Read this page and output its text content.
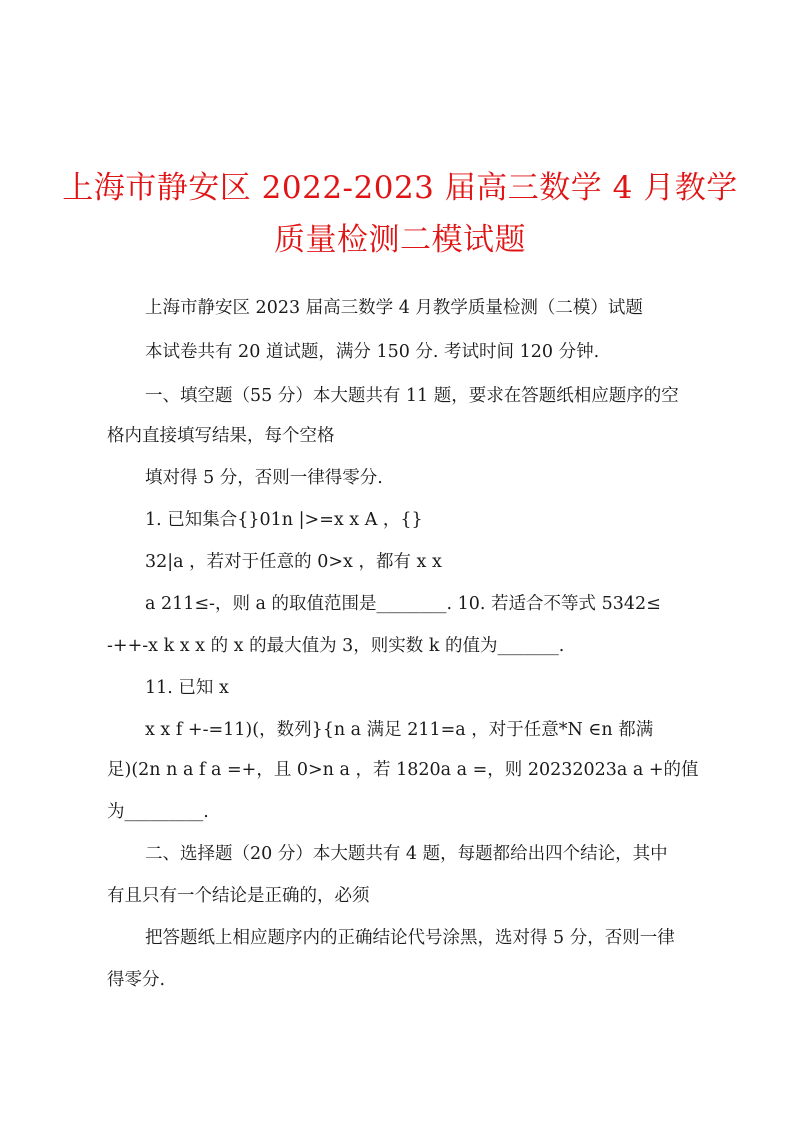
上海市静安区 2022-2023 届高三数学 4 月教学
质量检测二模试题
上海市静安区 2023 届高三数学 4 月教学质量检测（二模）试题
本试卷共有 20 道试题，满分 150 分. 考试时间 120 分钟.
一、填空题（55 分）本大题共有 11 题，要求在答题纸相应题序的空
格内直接填写结果，每个空格
填对得 5 分，否则一律得零分.
1. 已知集合{}01n |>=x x A ，{}
32|a ，若对于任意的 0>x ，都有 x x
a 211≤-，则 a 的取值范围是________. 10. 若适合不等式 5342≤
-++-x k x x 的 x 的最大值为 3，则实数 k 的值为_______.
11. 已知 x
x x f +-=11)(，数列}{n a 满足 211=a ，对于任意*N ∈n 都满
足)(2n n a f a =+，且 0>n a ，若 1820a a =，则 20232023a a +的值
为_________.
二、选择题（20 分）本大题共有 4 题，每题都给出四个结论，其中
有且只有一个结论是正确的，必须
把答题纸上相应题序内的正确结论代号涂黑，选对得 5 分，否则一律
得零分.
